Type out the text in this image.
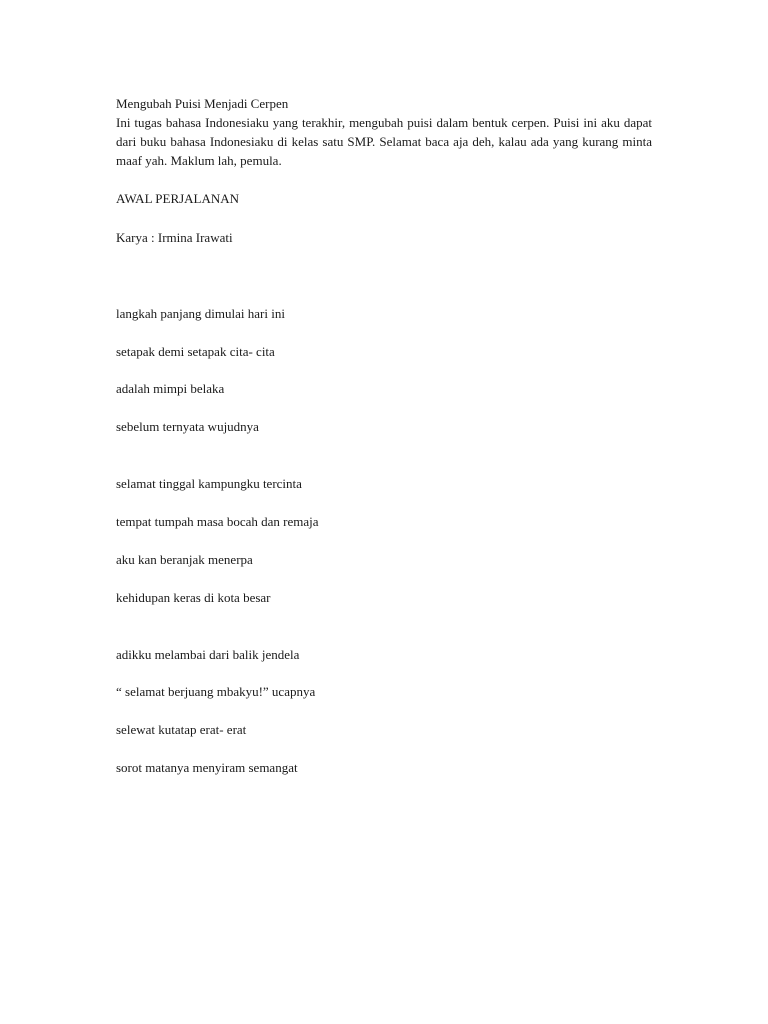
Mengubah Puisi Menjadi Cerpen
Ini tugas bahasa Indonesiaku yang terakhir, mengubah puisi dalam bentuk cerpen. Puisi ini aku dapat dari buku bahasa Indonesiaku di kelas satu SMP. Selamat baca aja deh, kalau ada yang kurang minta maaf yah. Maklum lah, pemula.
AWAL PERJALANAN
Karya : Irmina Irawati
langkah panjang dimulai hari ini
setapak demi setapak cita- cita
adalah mimpi belaka
sebelum ternyata wujudnya
selamat tinggal kampungku tercinta
tempat tumpah masa bocah dan remaja
aku kan beranjak menerpa
kehidupan keras di kota besar
adikku melambai dari balik jendela
“ selamat berjuang mbakyu!” ucapnya
selewat kutatap erat- erat
sorot matanya menyiram semangat
